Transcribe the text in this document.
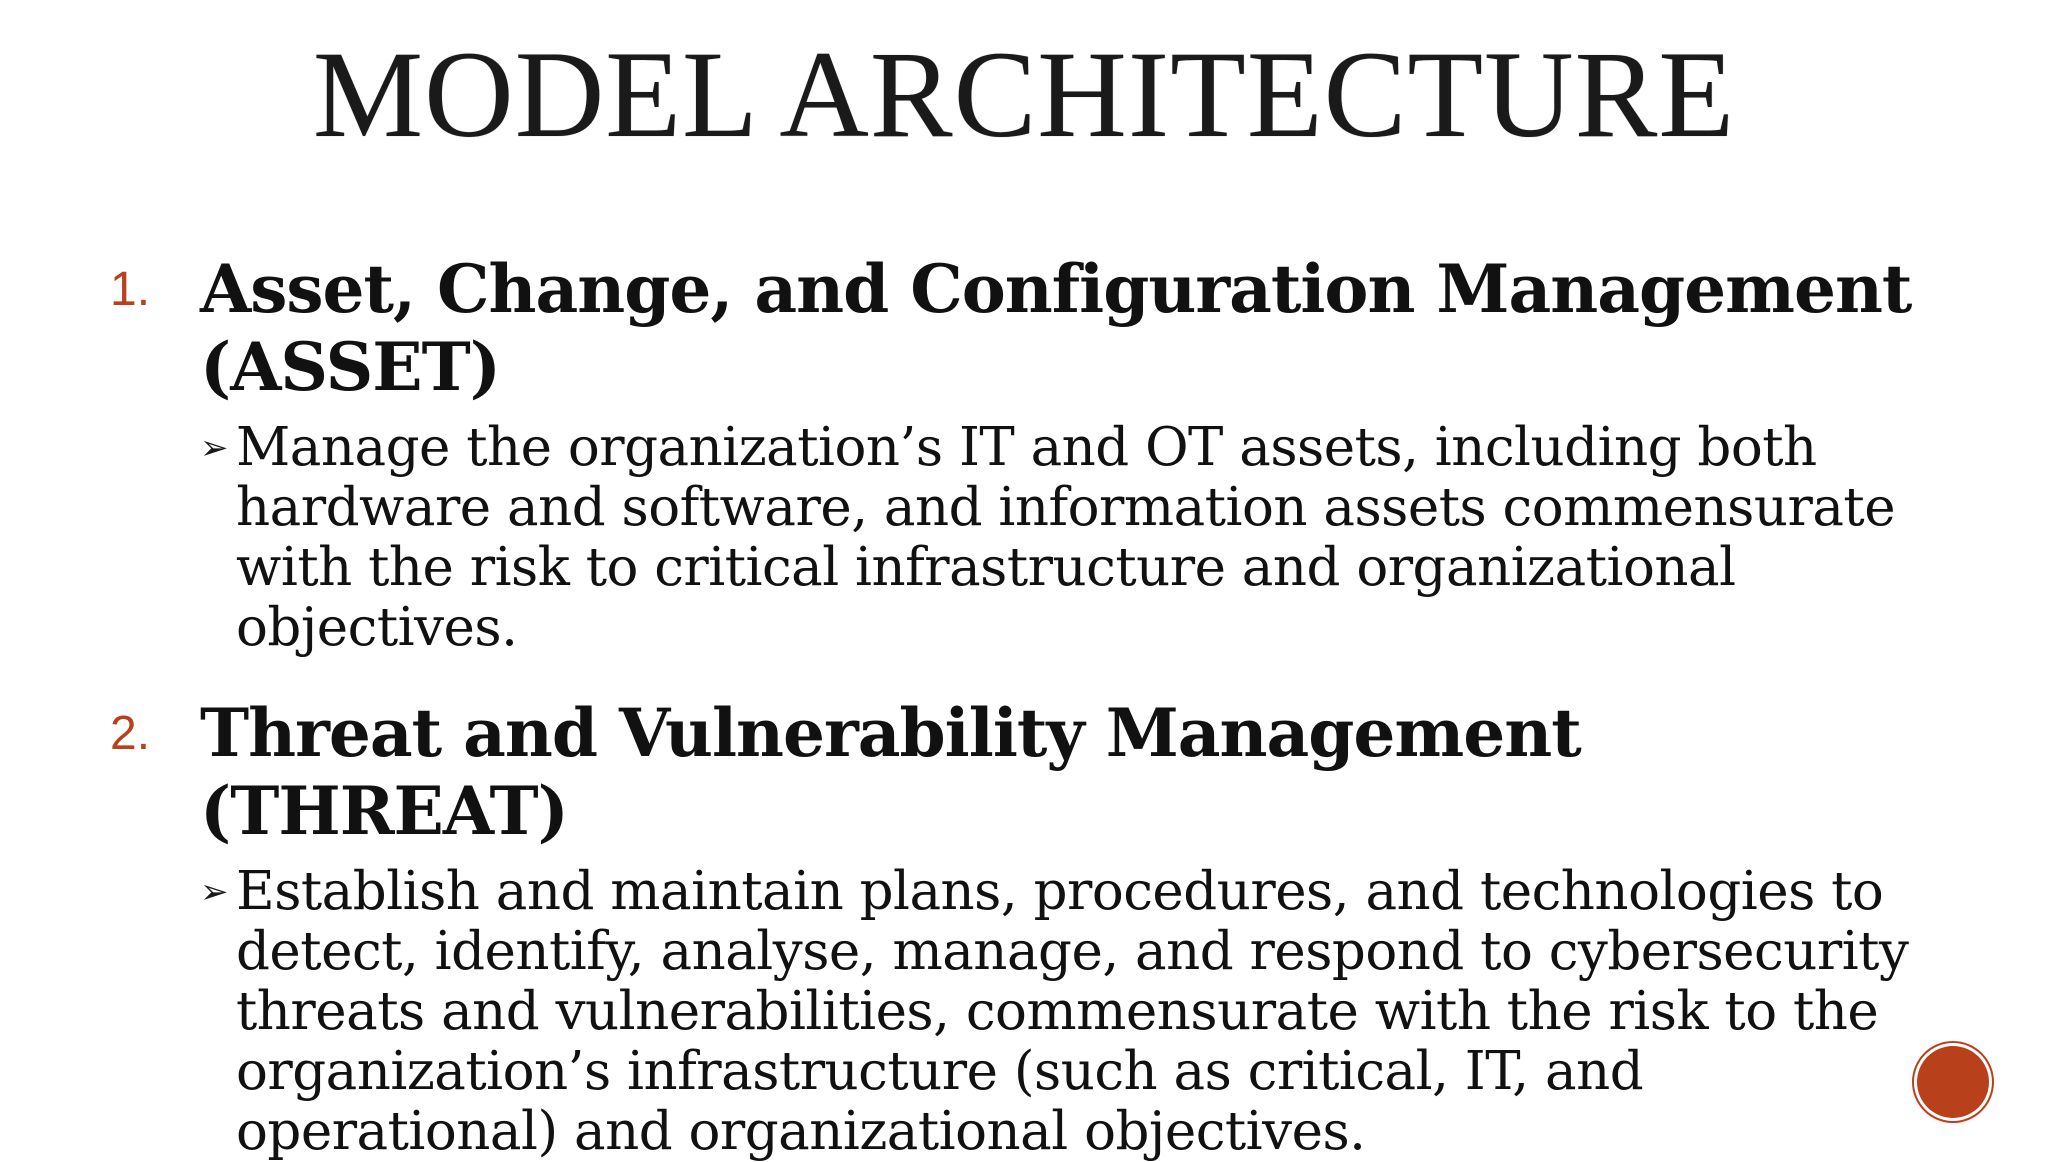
MODEL ARCHITECTURE
1. Asset, Change, and Configuration Management (ASSET)
➢ Manage the organization’s IT and OT assets, including both hardware and software, and information assets commensurate with the risk to critical infrastructure and organizational objectives.
2. Threat and Vulnerability Management (THREAT)
➢ Establish and maintain plans, procedures, and technologies to detect, identify, analyse, manage, and respond to cybersecurity threats and vulnerabilities, commensurate with the risk to the organization’s infrastructure (such as critical, IT, and operational) and organizational objectives.
